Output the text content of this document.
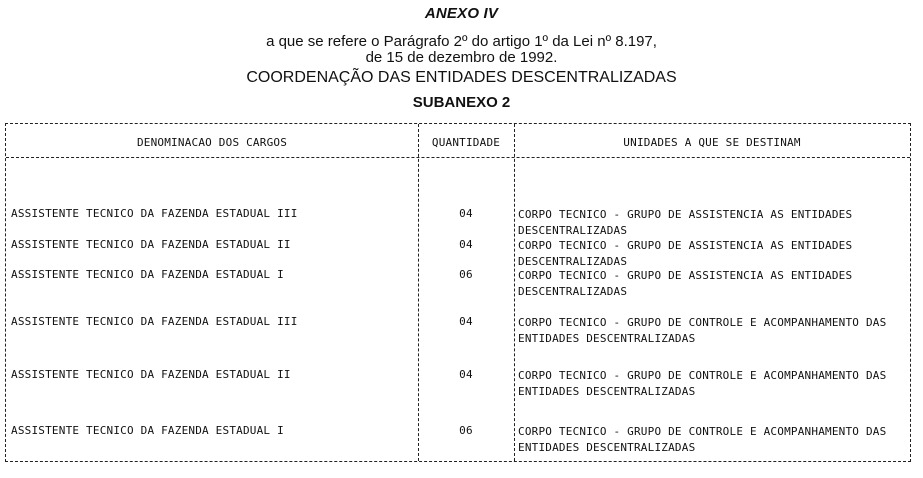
ANEXO IV
a que se refere o Parágrafo 2º do artigo 1º da Lei nº 8.197,
de 15 de dezembro de 1992.
COORDENAÇÃO DAS ENTIDADES DESCENTRALIZADAS
SUBANEXO 2
DENOMINACAO DOS CARGOS	QUANTIDADE	UNIDADES A QUE SE DESTINAM
ASSISTENTE TECNICO DA FAZENDA ESTADUAL III	04	CORPO TECNICO - GRUPO DE ASSISTENCIA AS ENTIDADES DESCENTRALIZADAS
ASSISTENTE TECNICO DA FAZENDA ESTADUAL II	04	CORPO TECNICO - GRUPO DE ASSISTENCIA AS ENTIDADES DESCENTRALIZADAS
ASSISTENTE TECNICO DA FAZENDA ESTADUAL I	06	CORPO TECNICO - GRUPO DE ASSISTENCIA AS ENTIDADES DESCENTRALIZADAS
ASSISTENTE TECNICO DA FAZENDA ESTADUAL III	04	CORPO TECNICO - GRUPO DE CONTROLE E ACOMPANHAMENTO DAS ENTIDADES DESCENTRALIZADAS
ASSISTENTE TECNICO DA FAZENDA ESTADUAL II	04	CORPO TECNICO - GRUPO DE CONTROLE E ACOMPANHAMENTO DAS ENTIDADES DESCENTRALIZADAS
ASSISTENTE TECNICO DA FAZENDA ESTADUAL I	06	CORPO TECNICO - GRUPO DE CONTROLE E ACOMPANHAMENTO DAS ENTIDADES DESCENTRALIZADAS
